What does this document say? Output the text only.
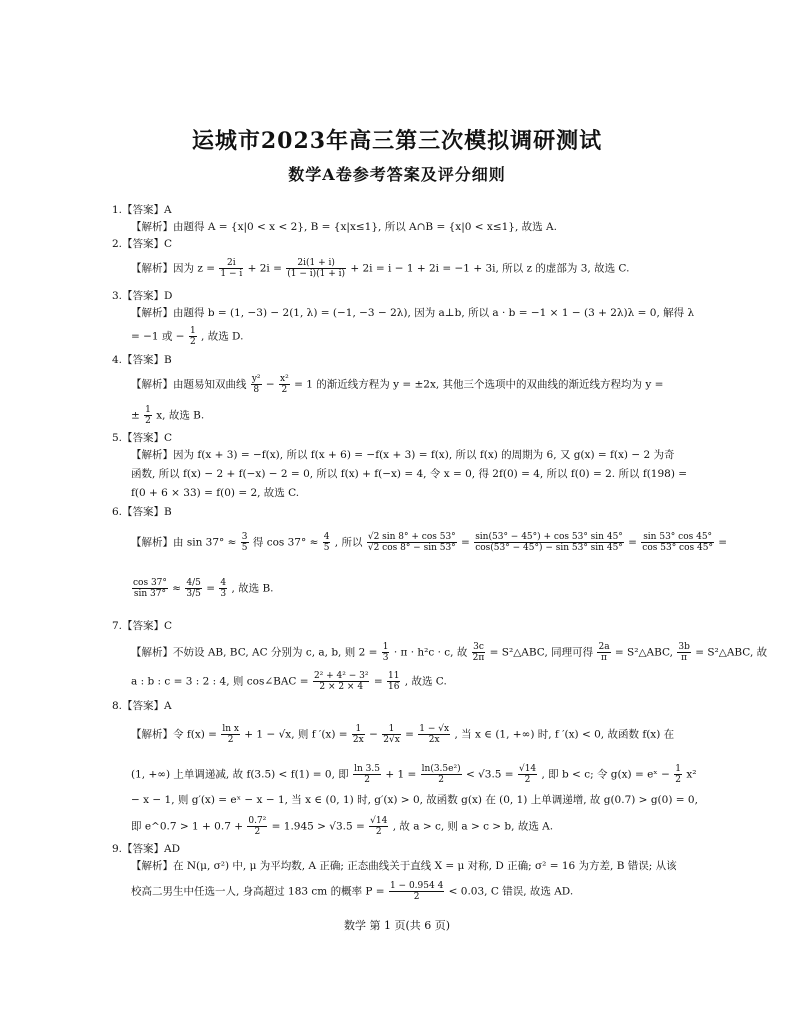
运城市2023年高三第三次模拟调研测试
数学A卷参考答案及评分细则
1.【答案】A
【解析】由题得 A = {x|0 < x < 2}, B = {x|x≤1}, 所以 A∩B = {x|0 < x≤1}, 故选 A.
2.【答案】C
【解析】因为 $z = \frac{2i}{1 - i} + 2i = \frac{2i(1 + i)}{(1 - i)(1 + i)} + 2i = i - 1 + 2i = -1 + 3i$, 所以 z 的虚部为 3, 故选 C.
3.【答案】D
【解析】由题得 b = (1, −3) − 2(1, λ) = (−1, −3 − 2λ), 因为 a⊥b, 所以 a · b = −1 × 1 − (3 + 2λ)λ = 0, 解得 λ
= −1 或 − $\frac{1}{2}$ , 故选 D.
4.【答案】B
【解析】由题易知双曲线 $\frac{\text{y²}}{8} - \frac{\text{x²}}{2} = 1$ 的渐近线方程为 y = ±2x, 其他三个选项中的双曲线的渐近线方程均为 y =
± $\frac{1}{2} x$, 故选 B.
5.【答案】C
【解析】因为 f(x + 3) = −f(x), 所以 f(x + 6) = −f(x + 3) = f(x), 所以 f(x) 的周期为 6, 又 g(x) = f(x) − 2 为奇
函数, 所以 f(x) − 2 + f(−x) − 2 = 0, 所以 f(x) + f(−x) = 4, 令 x = 0, 得 2f(0) = 4, 所以 f(0) = 2. 所以 f(198) =
f(0 + 6 × 33) = f(0) = 2, 故选 C.
6.【答案】B
【解析】由 $\sin 37^\circ \approx \frac{3}{5}$ 得 $\cos 37^\circ \approx \frac{4}{5}$ , 所以 $\frac{√2 \sin 8^\circ + \cos 53^\circ}{√2 \cos 8^\circ - \sin 53^\circ} = \frac{\sin(53^\circ - 45^\circ) + \cos 53^\circ \sin 45^\circ}{\cos(53^\circ - 45^\circ) - \sin 53^\circ \sin 45^\circ} = \frac{\sin 53^\circ \cos 45^\circ}{\cos 53^\circ \cos 45^\circ}$ =
$\frac{\cos 37^\circ}{\sin 37^\circ} \approx \frac{4/5}{3/5} = \frac{4}{3}$ , 故选 B.
7.【答案】C
【解析】不妨设 AB, BC, AC 分别为 c, a, b, 则 $2 = \frac{1}{3} \cdot \pi \cdot h^2c \cdot c$, 故 $\frac{3c}{2\pi}$ = S²△ABC, 同理可得 $\frac{2a}{\pi}$ = S²△ABC, $\frac{3b}{\pi}$ = S²△ABC, 故
a : b : c = 3 : 2 : 4, 则 cos∠BAC = $\frac{\text{2² + 4² − 3²}}{2 \times 2 \times 4} = \frac{11}{16}$ , 故选 C.
8.【答案】A
【解析】令 $f(x) = \frac{\text{ln x}}{2} + 1 - √x$, 则 f $'(x) = \frac{1}{2x} - \frac{1}{2√x} = \frac{1 - √x}{2x}$ , 当 x ∈ (1, +∞) 时, f ′(x) < 0, 故函数 f(x) 在
(1, +∞) 上单调递减, 故 f(3.5) < f(1) = 0, 即 $\frac{\ln 3.5}{2} + 1 = \frac{\text{ln(3.5e²)}}{2} < √3.5 = \frac{√14}{2}$ , 即 b < c; 令 g(x) = eˣ − $\frac{1}{2} x^2$
− x − 1, 则 g′(x) = eˣ − x − 1, 当 x ∈ (0, 1) 时, g′(x) > 0, 故函数 g(x) 在 (0, 1) 上单调递增, 故 g(0.7) > g(0) = 0,
即 e^0.7 > $1 + 0.7 + \frac{\text{0.7²}}{2} = 1.945 > √3.5 = \frac{√14}{2}$ , 故 a > c, 则 a > c > b, 故选 A.
9.【答案】AD
【解析】在 N(μ, σ²) 中, μ 为平均数, A 正确; 正态曲线关于直线 X = μ 对称, D 正确; σ² = 16 为方差, B 错误; 从该
校高二男生中任选一人, 身高超过 183 cm 的概率 $P = \frac{1 - 0.954 4}{2} < 0.03$, C 错误, 故选 AD.
数学 第 1 页(共 6 页)
